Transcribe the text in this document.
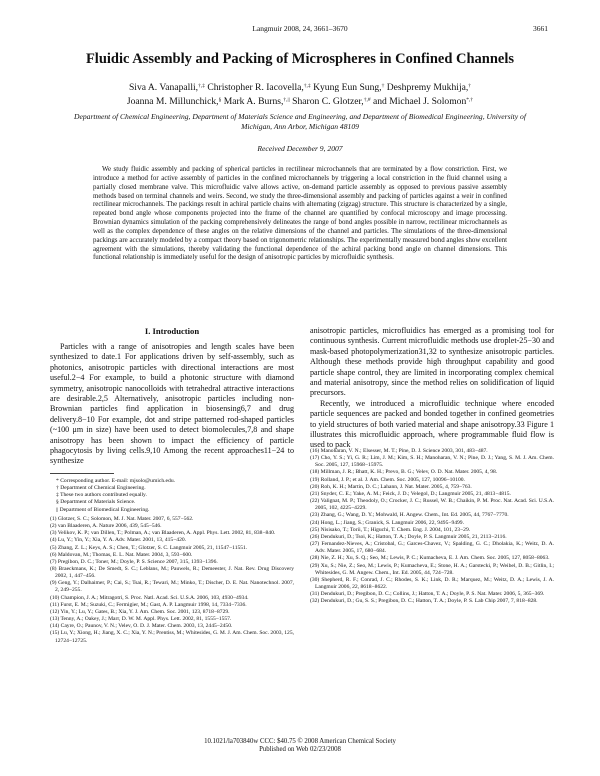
Langmuir 2008, 24, 3661–3670	3661
Fluidic Assembly and Packing of Microspheres in Confined Channels
Siva A. Vanapalli,†,‡ Christopher R. Iacovella,†,‡ Kyung Eun Sung,† Deshpremy Mukhija,†
Joanna M. Millunchick,§ Mark A. Burns,†,|| Sharon C. Glotzer,†,# and Michael J. Solomon*,†
Department of Chemical Engineering, Department of Materials Science and Engineering, and Department of Biomedical Engineering, University of Michigan, Ann Arbor, Michigan 48109
Received December 9, 2007

We study fluidic assembly and packing of spherical particles in rectilinear microchannels that are terminated by a flow constriction. First, we introduce a method for active assembly of particles in the confined microchannels by triggering a local constriction in the fluid channel using a partially closed membrane valve. This microfluidic valve allows active, on-demand particle assembly as opposed to previous passive assembly methods based on terminal channels and weirs. Second, we study the three-dimensional assembly and packing of particles against a weir in confined rectilinear microchannels. The packings result in achiral particle chains with alternating (zigzag) structure. This structure is characterized by a single, repeated bond angle whose components projected into the frame of the channel are quantified by confocal microscopy and image processing. Brownian dynamics simulation of the packing comprehensively delineates the range of bond angles possible in narrow, rectilinear microchannels as well as the complex dependence of these angles on the relative dimensions of the channel and particles. The simulations of the three-dimensional packings are accurately modeled by a compact theory based on trigonometric relationships. The experimentally measured bond angles show excellent agreement with the simulations, thereby validating the functional dependence of the achiral packing bond angle on channel dimensions. This functional relationship is immediately useful for the design of anisotropic particles by microfluidic synthesis.

I. Introduction

Particles with a range of anisotropies and length scales have been synthesized to date.1 For applications driven by self-assembly, such as photonics, anisotropic particles with directional interactions are most useful.2−4 For example, to build a photonic structure with diamond symmetry, anisotropic nanocolloids with tetrahedral attractive interactions are desirable.2,5 Alternatively, anisotropic particles including non-Brownian particles find application in biosensing6,7 and drug delivery.8−10 For example, dot and stripe patterned rod-shaped particles (~100 μm in size) have been used to detect biomolecules,7,8 and shape anisotropy has been shown to impact the efficiency of particle phagocytosis by living cells.9,10 Among the recent approaches11−24 to synthesize

* Corresponding author. E-mail: mjsolo@umich.edu.
† Department of Chemical Engineering.
‡ These two authors contributed equally.
§ Department of Materials Science.
|| Department of Biomedical Engineering.
(1) Glotzer, S. C.; Solomon, M. J. Nat. Mater. 2007, 6, 557−562.
(2) van Blaaderen, A. Nature 2006, 439, 545−546.
(3) Velikov, K. P.; van Dillen, T.; Polman, A.; van Blaaderen, A. Appl. Phys. Lett. 2002, 81, 838−840.
(4) Lu, Y.; Yin, Y.; Xia, Y. A. Adv. Mater. 2001, 13, 415−420.
(5) Zhang, Z. L.; Keys, A. S.; Chen, T.; Glotzer, S. C. Langmuir 2005, 21, 11547−11551.
(6) Maldovan, M.; Thomas, E. L. Nat. Mater. 2004, 3, 593−600.
(7) Pregibon, D. C.; Toner, M.; Doyle, P. S. Science 2007, 315, 1393−1396.
(8) Braeckmans, K.; De Smedt, S. C.; Leblans, M.; Pauwels, R.; Demeester, J. Nat. Rev. Drug Discovery 2002, 1, 447−456.
(9) Geng, Y.; Dalhaimer, P.; Cai, S.; Tsai, R.; Tewari, M.; Minko, T.; Discher, D. E. Nat. Nanotechnol. 2007, 2, 249−255.
(10) Champion, J. A.; Mitragotri, S. Proc. Natl. Acad. Sci. U.S.A. 2006, 103, 4930−4934.
(11) Furst, E. M.; Suzuki, C.; Fermigier, M.; Gast, A. P. Langmuir 1998, 14, 7334−7336.
(12) Yin, Y.; Lu, Y.; Gates, B.; Xia, Y. J. Am. Chem. Soc. 2001, 123, 8718−8729.
(13) Tenny, A.; Oakey, J.; Marr, D. W. M. Appl. Phys. Lett. 2002, 81, 1555−1557.
(14) Cayre, O.; Paunov, V. N.; Velev, O. D. J. Mater. Chem. 2003, 13, 2445−2450.
(15) Lu, Y.; Xiong, H.; Jiang, X. C.; Xia, Y. N.; Prentiss, M.; Whitesides, G. M. J. Am. Chem. Soc. 2003, 125, 12724−12725.

anisotropic particles, microfluidics has emerged as a promising tool for continuous synthesis. Current microfluidic methods use droplet-25−30 and mask-based photopolymerization31,32 to synthesize anisotropic particles. Although these methods provide high throughput capability and good particle shape control, they are limited in incorporating complex chemical and material anisotropy, since the method relies on solidification of liquid precursors.

Recently, we introduced a microfluidic technique where encoded particle sequences are packed and bonded together in confined geometries to yield structures of both varied material and shape anisotropy.33 Figure 1 illustrates this microfluidic approach, where programmable fluid flow is used to pack

(16) Manoharan, V. N.; Elsesser, M. T.; Pine, D. J. Science 2003, 301, 483−487.
(17) Cho, Y. S.; Yi, G. R.; Lim, J. M.; Kim, S. H.; Manoharan, V. N.; Pine, D. J.; Yang, S. M. J. Am. Chem. Soc. 2005, 127, 15968−15975.
(18) Millman, J. R.; Bhatt, K. H.; Prevo, B. G.; Velev, O. D. Nat. Mater. 2005, 4, 98.
(19) Rolland, J. P.; et al. J. Am. Chem. Soc. 2005, 127, 10096−10100.
(20) Roh, K. H.; Martin, D. C.; Lahann, J. Nat. Mater. 2005, 4, 759−763.
(21) Snyder, C. E.; Yake, A. M.; Feick, J. D.; Velegol, D.; Langmuir 2005, 21, 4813−4815.
(22) Valignat, M. P.; Theodoly, O.; Crocker, J. C.; Russel, W. B.; Chaikin, P. M. Proc. Nat. Acad. Sci. U.S.A. 2005, 102, 4225−4229.
(23) Zhang, G.; Wang, D. Y.; Mohwald, H. Angew. Chem., Int. Ed. 2005, 44, 7767−7770.
(24) Hong, L.; Jiang, S.; Granick, S. Langmuir 2006, 22, 9495−9499.
(25) Nisisako, T.; Torii, T.; Higuchi, T. Chem. Eng. J. 2004, 101, 23−29.
(26) Dendukuri, D.; Tsoi, K.; Hatton, T. A.; Doyle, P. S. Langmuir 2005, 21, 2113−2116.
(27) Fernandez-Nieves, A.; Cristobal, G.; Garces-Chavez, V.; Spalding, G. C.; Dholakia, K.; Weitz, D. A. Adv. Mater. 2005, 17, 680−684.
(28) Nie, Z. H.; Xu, S. Q.; Seo, M.; Lewis, P. C.; Kumacheva, E. J. Am. Chem. Soc. 2005, 127, 8058−8063.
(29) Xu, S.; Nie, Z.; Seo, M.; Lewis, P.; Kumacheva, E.; Stone, H. A.; Garstecki, P.; Weibel, D. B.; Gitlin, I.; Whitesides, G. M. Angew. Chem., Int. Ed. 2005, 44, 724−728.
(30) Shepherd, R. F.; Conrad, J. C.; Rhodes, S. K.; Link, D. R.; Marquez, M.; Weitz, D. A.; Lewis, J. A. Langmuir 2006, 22, 8618−8622.
(31) Dendukuri, D.; Pregibon, D. C.; Collins, J.; Hatton, T. A.; Doyle, P. S. Nat. Mater. 2006, 5, 365−369.
(32) Dendukuri, D.; Gu, S. S.; Pregibon, D. C.; Hatton, T. A.; Doyle, P. S. Lab Chip 2007, 7, 818−828.
10.1021/la703840w CCC: $40.75 © 2008 American Chemical Society
Published on Web 02/23/2008
